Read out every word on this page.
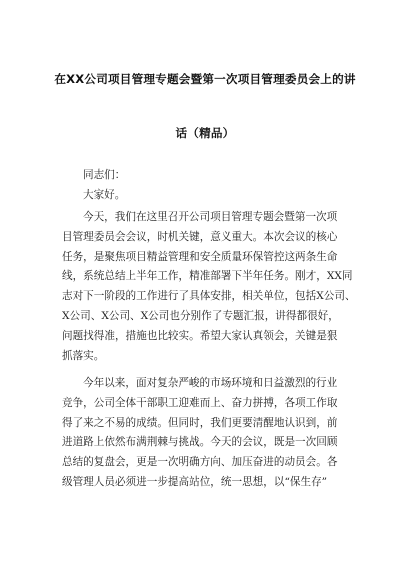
在XX公司项目管理专题会暨第一次项目管理委员会上的讲
话（精品）
同志们：
大家好。
今天，我们在这里召开公司项目管理专题会暨第一次项
目管理委员会会议，时机关键，意义重大。本次会议的核心
任务，是聚焦项目精益管理和安全质量环保管控这两条生命
线，系统总结上半年工作，精准部署下半年任务。刚才，XX同
志对下一阶段的工作进行了具体安排，相关单位，包括X公司、
X公司、X公司、X公司也分别作了专题汇报，讲得都很好，
问题找得准，措施也比较实。希望大家认真领会，关键是狠
抓落实。
今年以来，面对复杂严峻的市场环境和日益激烈的行业
竞争，公司全体干部职工迎难而上、奋力拼搏，各项工作取
得了来之不易的成绩。但同时，我们更要清醒地认识到，前
进道路上依然布满荆棘与挑战。今天的会议，既是一次回顾
总结的复盘会，更是一次明确方向、加压奋进的动员会。各
级管理人员必须进一步提高站位，统一思想，以“保生存”
